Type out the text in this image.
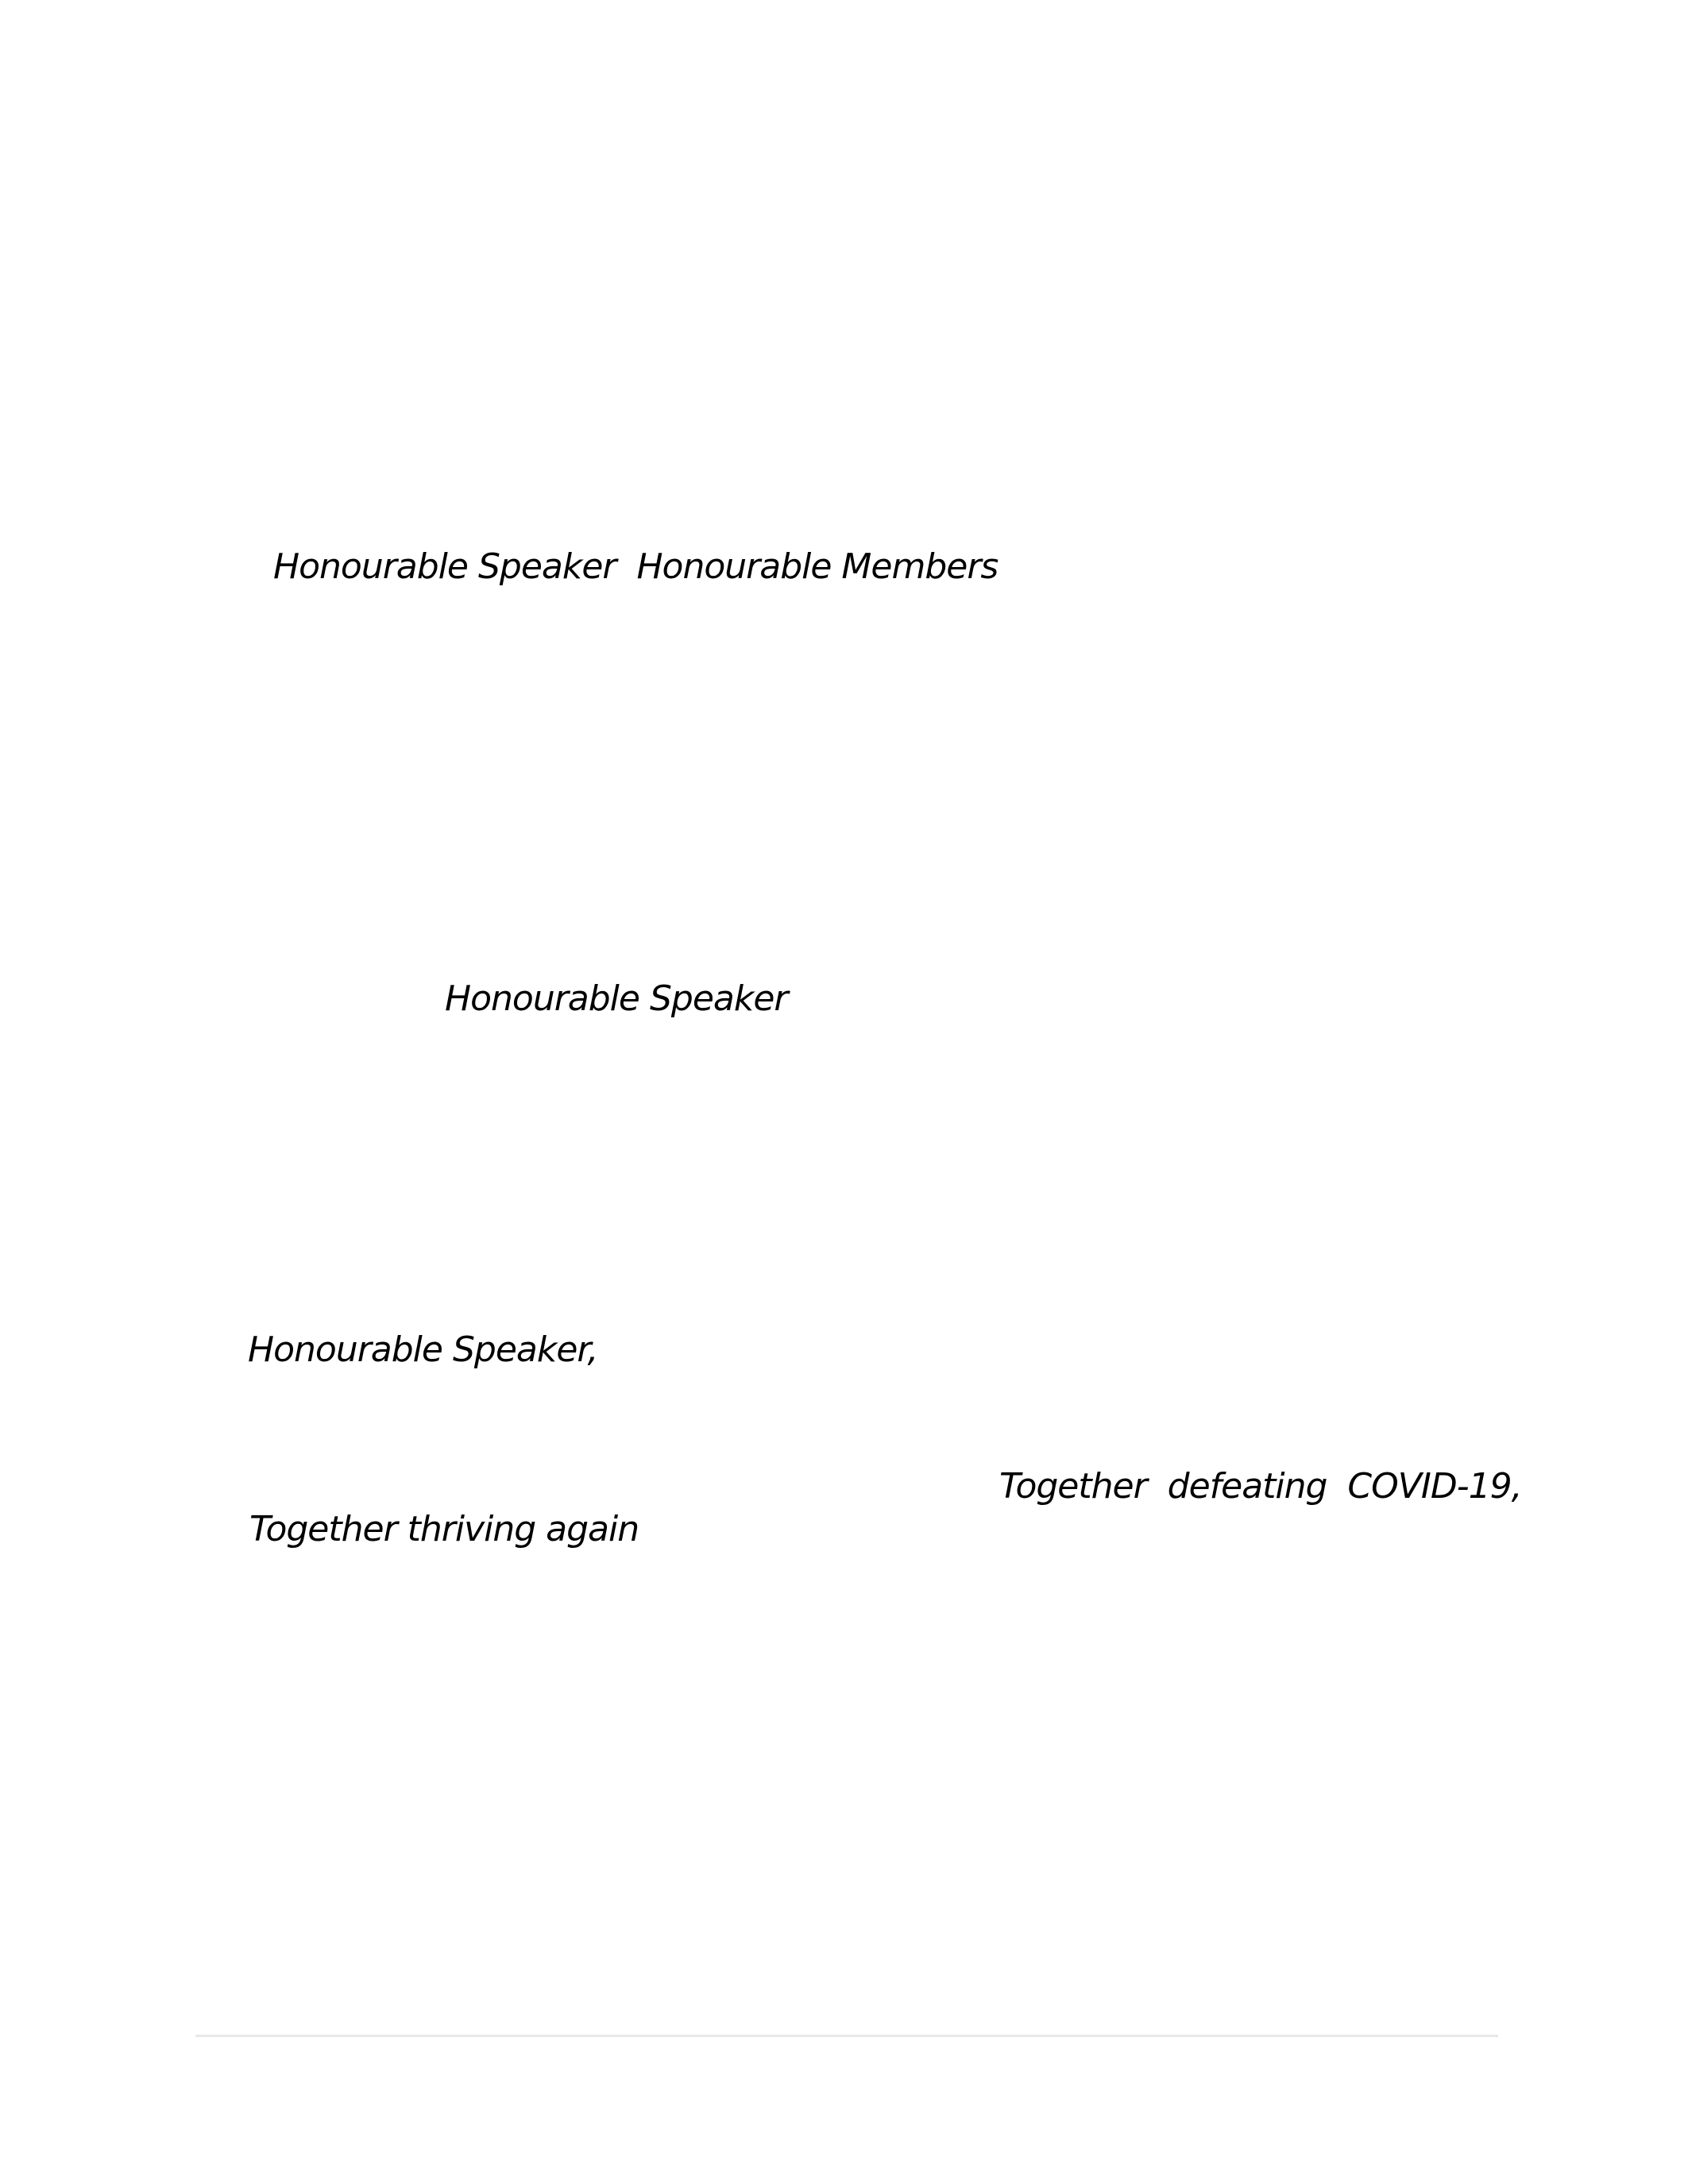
Honourable Speaker  Honourable Members
Honourable Speaker
Honourable Speaker,
Together  defeating  COVID-19,
Together thriving again
